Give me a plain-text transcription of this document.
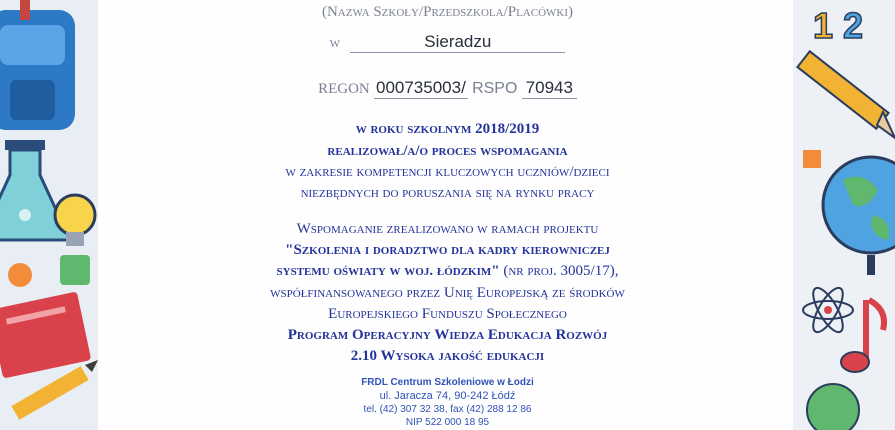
1 2
(Nazwa Szkoły/Przedszkola/Placówki)
w	Sieradzu
REGON 000735003/ RSPO 70943
w roku szkolnym 2018/2019
realizował/a/o proces wspomagania
w zakresie kompetencji kluczowych uczniów/dzieci
niezbędnych do poruszania się na rynku pracy
Wspomaganie zrealizowano w ramach projektu
"Szkolenia i doradztwo dla kadry kierowniczej
systemu oświaty w woj. łódzkim" (nr proj. 3005/17),
współfinansowanego przez Unię Europejską ze środków
Europejskiego Funduszu Społecznego
Program Operacyjny Wiedza Edukacja Rozwój
2.10 Wysoka jakość edukacji
FRDL Centrum Szkoleniowe w Łodzi
ul. Jaracza 74, 90-242 Łódź
tel. (42) 307 32 38, fax (42) 288 12 86
NIP 522 000 18 95
